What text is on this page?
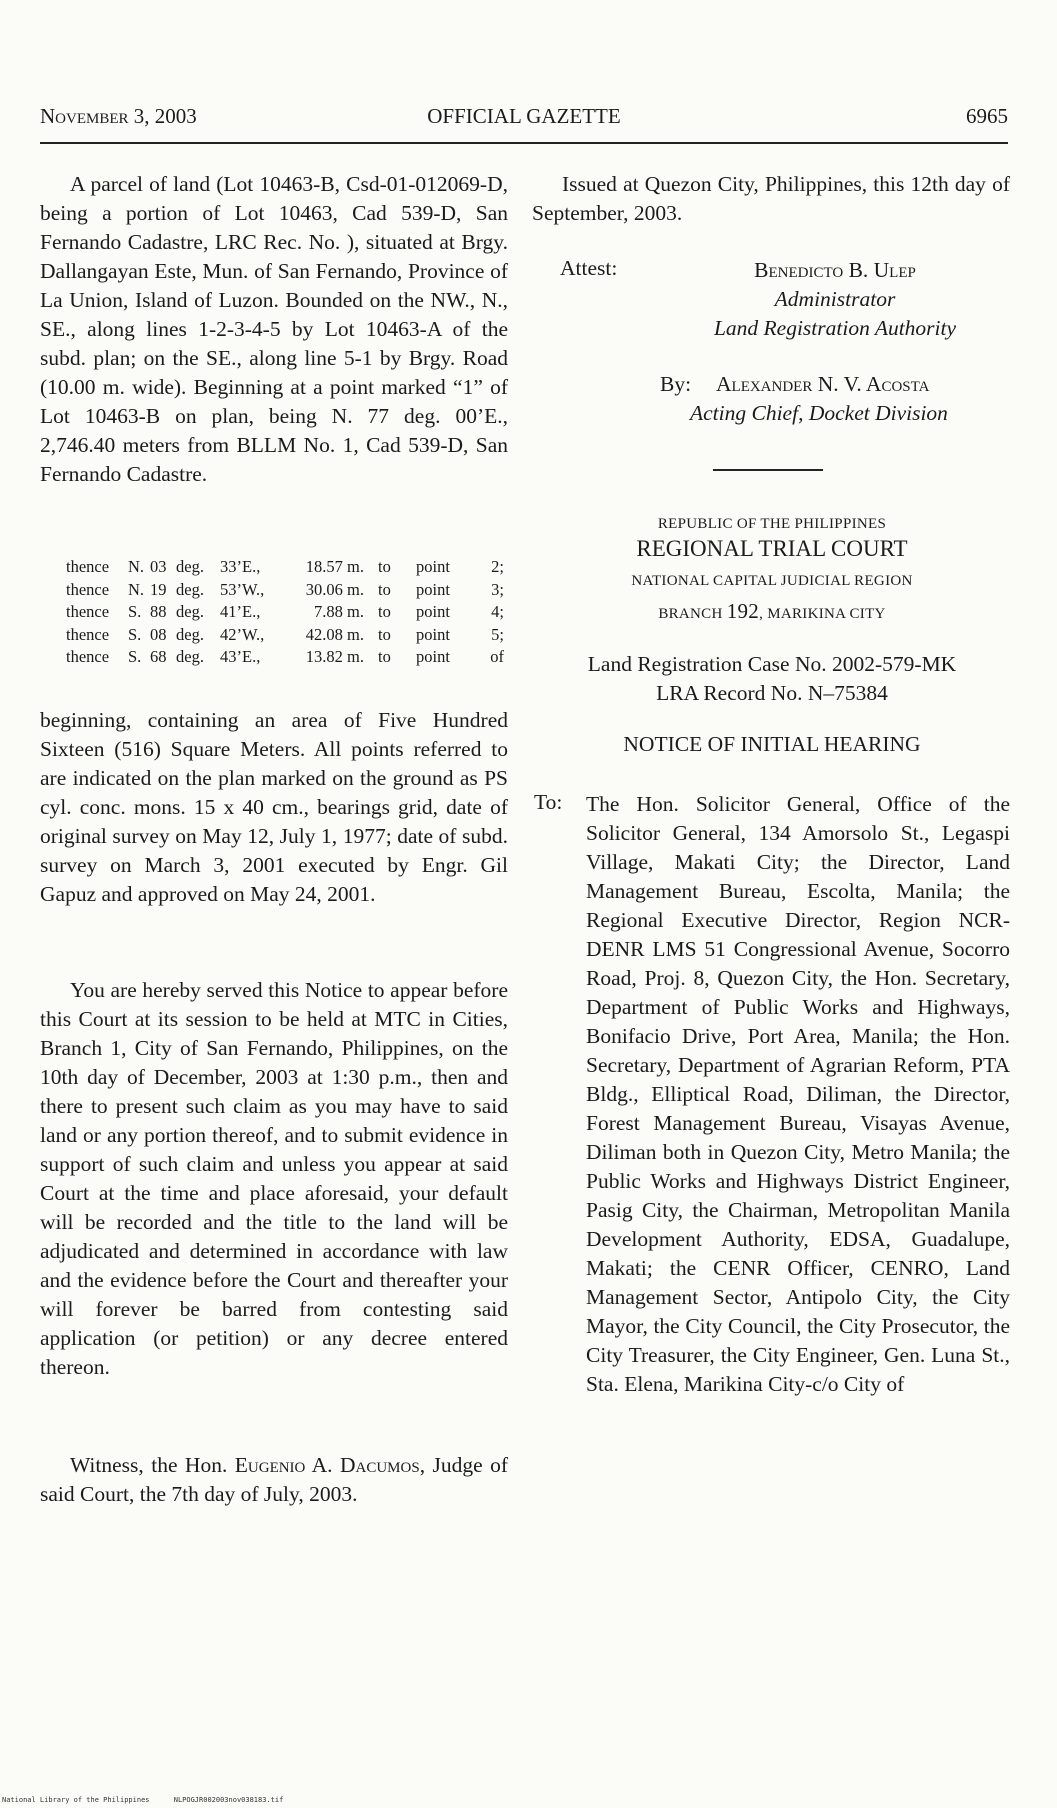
November 3, 2003	OFFICIAL GAZETTE	6965
A parcel of land (Lot 10463-B, Csd-01-012069-D, being a portion of Lot 10463, Cad 539-D, San Fernando Cadastre, LRC Rec. No. ), situated at Brgy. Dallangayan Este, Mun. of San Fernando, Province of La Union, Island of Luzon. Bounded on the NW., N., SE., along lines 1-2-3-4-5 by Lot 10463-A of the subd. plan; on the SE., along line 5-1 by Brgy. Road (10.00 m. wide). Beginning at a point marked “1” of Lot 10463-B on plan, being N. 77 deg. 00’E., 2,746.40 meters from BLLM No. 1, Cad 539-D, San Fernando Cadastre.
thence	N. 03 deg. 33’E.,	18.57 m. to	point	2;
thence	N. 19 deg. 53’W.,	30.06 m. to	point	3;
thence	S. 88 deg. 41’E.,	7.88 m. to	point	4;
thence	S. 08 deg. 42’W.,	42.08 m. to	point	5;
thence	S. 68 deg. 43’E.,	13.82 m. to	point	of
beginning, containing an area of Five Hundred Sixteen (516) Square Meters. All points referred to are indicated on the plan marked on the ground as PS cyl. conc. mons. 15 x 40 cm., bearings grid, date of original survey on May 12, July 1, 1977; date of subd. survey on March 3, 2001 executed by Engr. Gil Gapuz and approved on May 24, 2001.
You are hereby served this Notice to appear before this Court at its session to be held at MTC in Cities, Branch 1, City of San Fernando, Philippines, on the 10th day of December, 2003 at 1:30 p.m., then and there to present such claim as you may have to said land or any portion thereof, and to submit evidence in support of such claim and unless you appear at said Court at the time and place aforesaid, your default will be recorded and the title to the land will be adjudicated and determined in accordance with law and the evidence before the Court and thereafter your will forever be barred from contesting said application (or petition) or any decree entered thereon.
Witness, the Hon. Eugenio A. Dacumos, Judge of said Court, the 7th day of July, 2003.
Issued at Quezon City, Philippines, this 12th day of September, 2003.
Attest:	Benedicto B. Ulep
Administrator
Land Registration Authority
By: Alexander N. V. Acosta
Acting Chief, Docket Division
REPUBLIC OF THE PHILIPPINES
REGIONAL TRIAL COURT
NATIONAL CAPITAL JUDICIAL REGION
BRANCH 192, MARIKINA CITY
Land Registration Case No. 2002-579-MK
LRA Record No. N–75384
NOTICE OF INITIAL HEARING
To: The Hon. Solicitor General, Office of the Solicitor General, 134 Amorsolo St., Legaspi Village, Makati City; the Director, Land Management Bureau, Escolta, Manila; the Regional Executive Director, Region NCR-DENR LMS 51 Congressional Avenue, Socorro Road, Proj. 8, Quezon City, the Hon. Secretary, Department of Public Works and Highways, Bonifacio Drive, Port Area, Manila; the Hon. Secretary, Department of Agrarian Reform, PTA Bldg., Elliptical Road, Diliman, the Director, Forest Management Bureau, Visayas Avenue, Diliman both in Quezon City, Metro Manila; the Public Works and Highways District Engineer, Pasig City, the Chairman, Metropolitan Manila Development Authority, EDSA, Guadalupe, Makati; the CENR Officer, CENRO, Land Management Sector, Antipolo City, the City Mayor, the City Council, the City Prosecutor, the City Treasurer, the City Engineer, Gen. Luna St., Sta. Elena, Marikina City-c/o City of
National Library of the Philippines	NLPOGJR002003nov038183.tif
